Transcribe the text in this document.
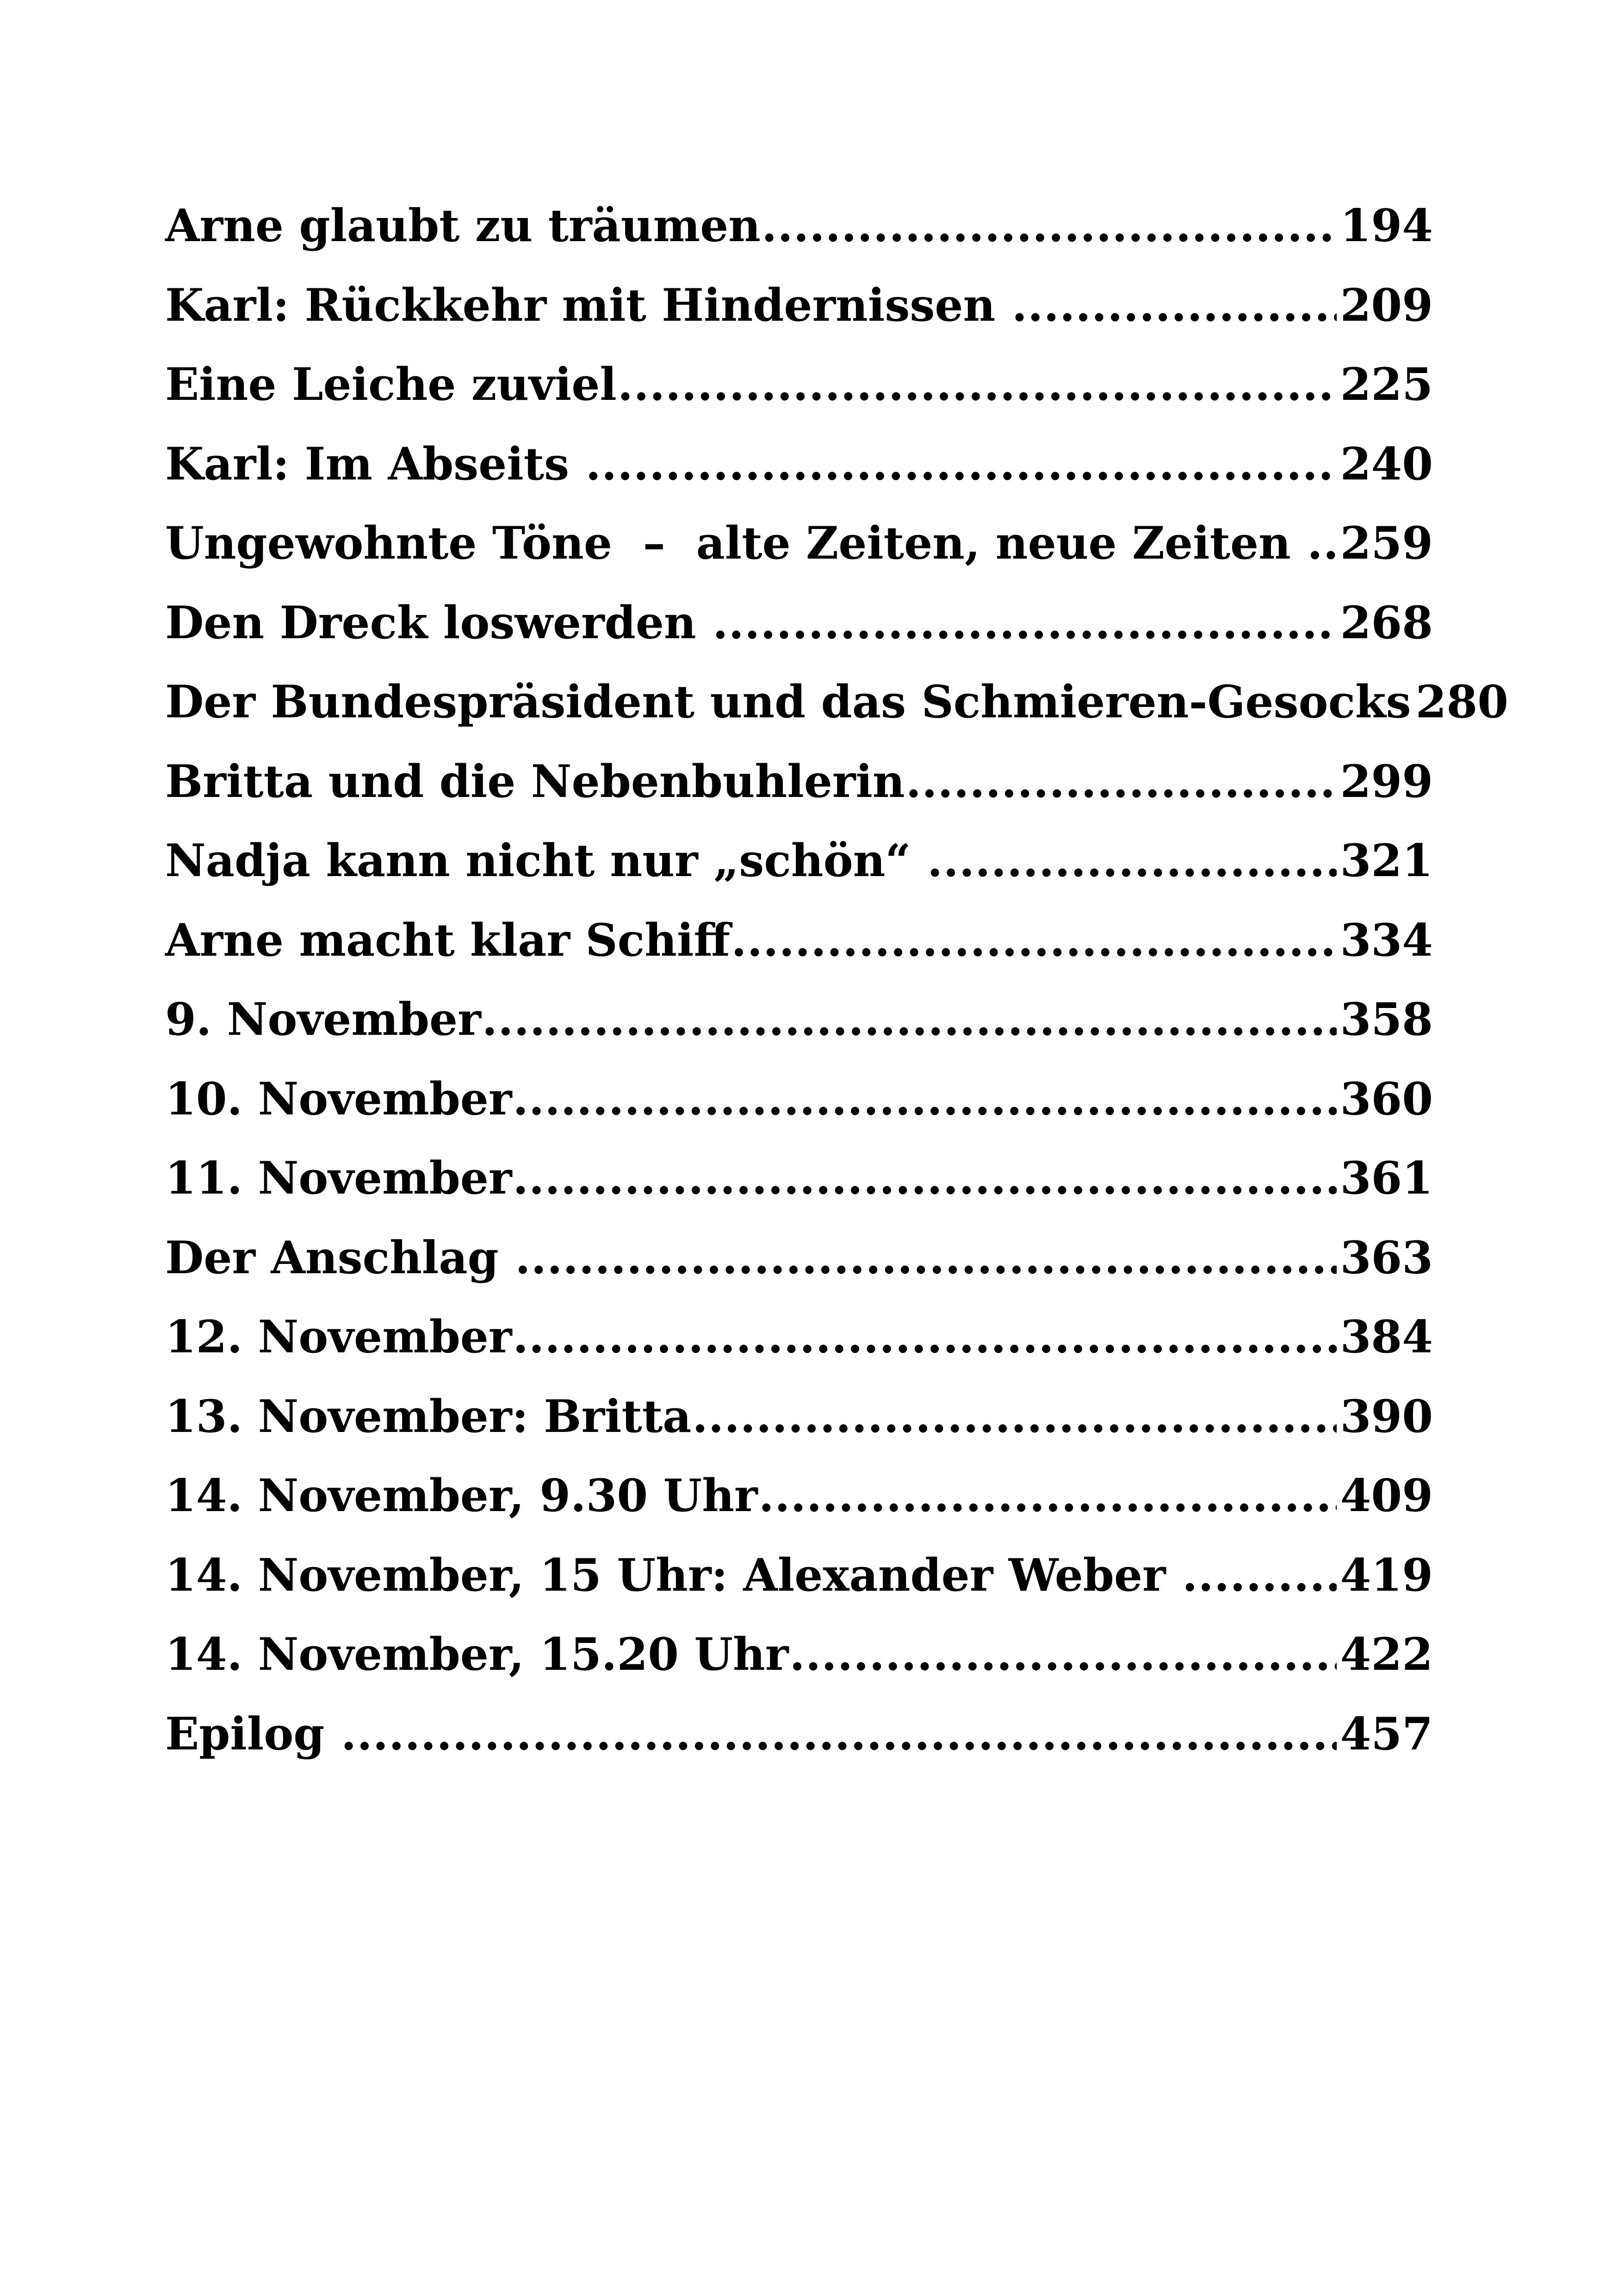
Arne glaubt zu träumen .....	194
Karl: Rückkehr mit Hindernissen .....	209
Eine Leiche zuviel .....	225
Karl: Im Abseits .....	240
Ungewohnte Töne  –  alte Zeiten, neue Zeiten ..... 259
Den Dreck loswerden .....	268
Der Bundespräsident und das Schmieren-Gesocks 280
Britta und die Nebenbuhlerin .....	299
Nadja kann nicht nur „schön“ .....	321
Arne macht klar Schiff .....	334
9. November .....	358
10. November .....	360
11. November .....	361
Der Anschlag .....	363
12. November .....	384
13. November: Britta .....	390
14. November, 9.30 Uhr .....	409
14. November, 15 Uhr: Alexander Weber .....	419
14. November, 15.20 Uhr .....	422
Epilog .....	457
